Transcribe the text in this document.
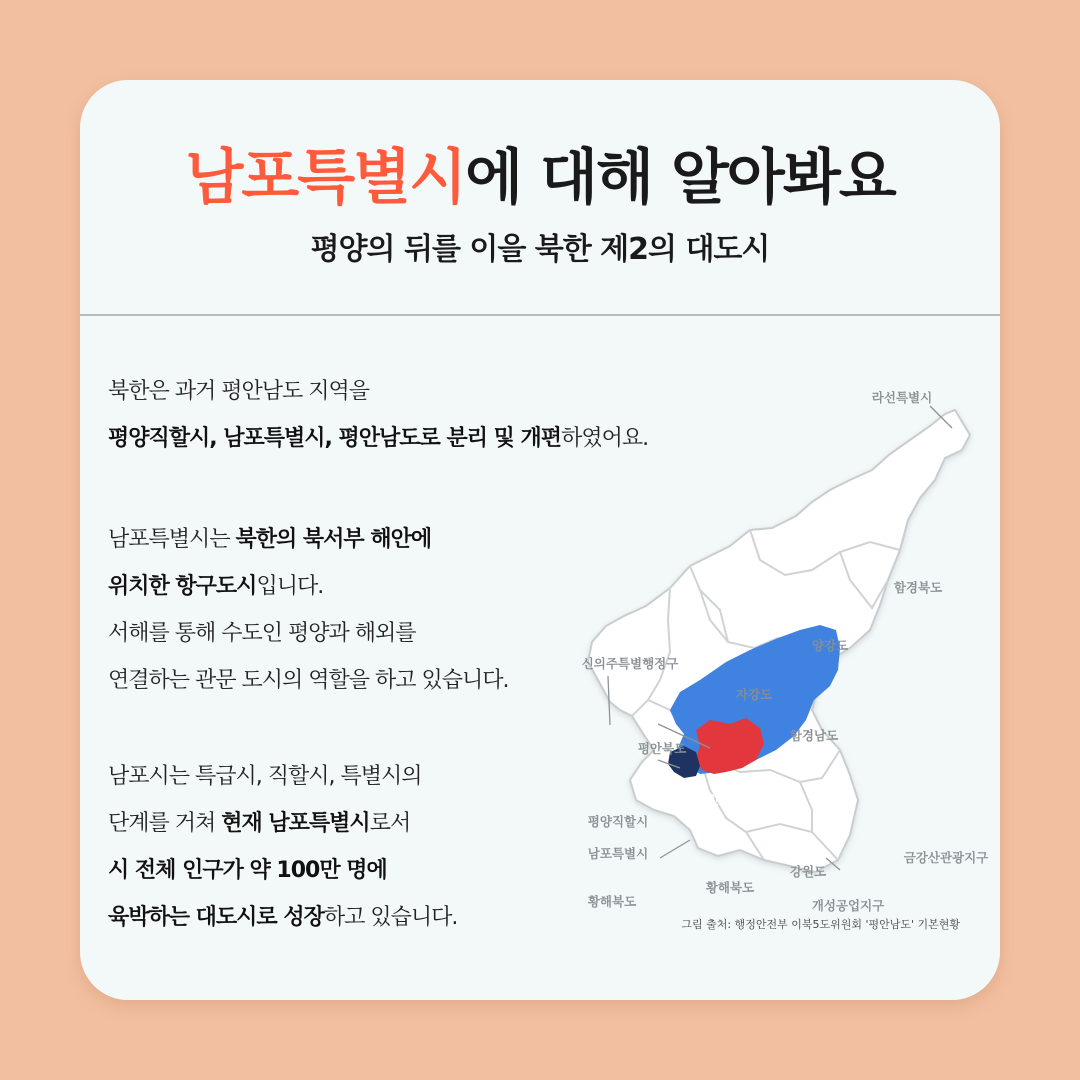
남포특별시에 대해 알아봐요
평양의 뒤를 이을 북한 제2의 대도시
북한은 과거 평안남도 지역을
평양직할시, 남포특별시, 평안남도로 분리 및 개편하였어요.
남포특별시는 북한의 북서부 해안에
위치한 항구도시입니다.
서해를 통해 수도인 평양과 해외를
연결하는 관문 도시의 역할을 하고 있습니다.
남포시는 특급시, 직할시, 특별시의
단계를 거쳐 현재 남포특별시로서
시 전체 인구가 약 100만 명에
육박하는 대도시로 성장하고 있습니다.
라선특별시
함경북도
양강도
신의주특별행정구
자강도
함경남도
평안북도
평양직할시
남포특별시
강원도
금강산관광지구
황해북도
황해북도	개성공업지구
평안남도
그림 출처: 행정안전부 이북5도위원회 '평안남도' 기본현황
